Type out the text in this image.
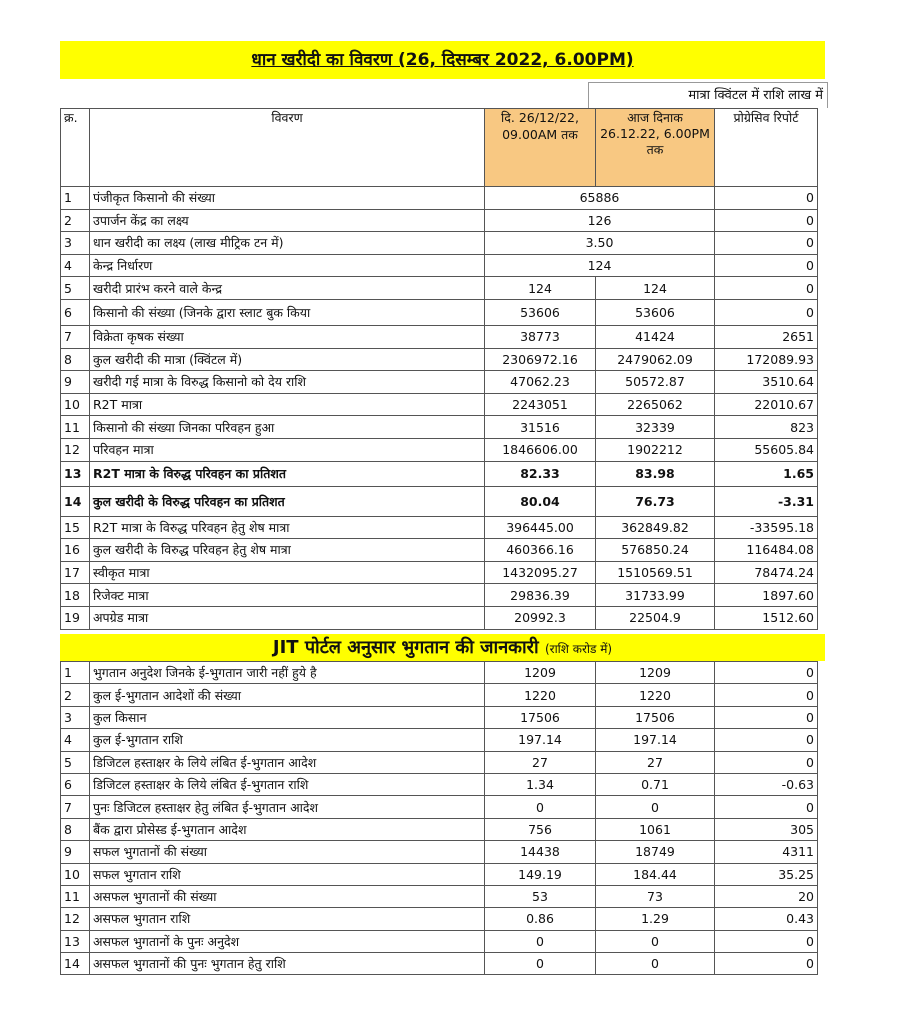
धान खरीदी का विवरण (26, दिसम्बर 2022, 6.00PM)
मात्रा क्विंटल में राशि लाख में
क्र.	विवरण	दि. 26/12/22, 09.00AM तक	आज दिनाक 26.12.22, 6.00PM तक	प्रोग्रेसिव रिपोर्ट
1	पंजीकृत किसानो की संख्या	65886		0
2	उपार्जन केंद्र का लक्ष्य	126		0
3	धान खरीदी का लक्ष्य (लाख मीट्रिक टन में)	3.50		0
4	केन्द्र निर्धारण	124		0
5	खरीदी प्रारंभ करने वाले केन्द्र	124	124	0
6	किसानो की संख्या (जिनके द्वारा स्लाट बुक किया	53606	53606	0
7	विक्रेता कृषक संख्या	38773	41424	2651
8	कुल खरीदी की मात्रा (क्विंटल में)	2306972.16	2479062.09	172089.93
9	खरीदी गई मात्रा के विरुद्ध किसानो को देय राशि	47062.23	50572.87	3510.64
10	R2T मात्रा	2243051	2265062	22010.67
11	किसानो की संख्या जिनका परिवहन हुआ	31516	32339	823
12	परिवहन मात्रा	1846606.00	1902212	55605.84
13	R2T मात्रा के विरुद्ध परिवहन का प्रतिशत	82.33	83.98	1.65
14	कुल खरीदी के विरुद्ध परिवहन का प्रतिशत	80.04	76.73	-3.31
15	R2T मात्रा के विरुद्ध परिवहन हेतु शेष मात्रा	396445.00	362849.82	-33595.18
16	कुल खरीदी के विरुद्ध परिवहन हेतु शेष मात्रा	460366.16	576850.24	116484.08
17	स्वीकृत मात्रा	1432095.27	1510569.51	78474.24
18	रिजेक्ट मात्रा	29836.39	31733.99	1897.60
19	अपग्रेड मात्रा	20992.3	22504.9	1512.60
JIT पोर्टल अनुसार भुगतान की जानकारी (राशि करोड में)
1	भुगतान अनुदेश जिनके ई-भुगतान जारी नहीं हुये है	1209	1209	0
2	कुल ई-भुगतान आदेशों की संख्या	1220	1220	0
3	कुल किसान	17506	17506	0
4	कुल ई-भुगतान राशि	197.14	197.14	0
5	डिजिटल हस्ताक्षर के लिये लंबित ई-भुगतान आदेश	27	27	0
6	डिजिटल हस्ताक्षर के लिये लंबित ई-भुगतान राशि	1.34	0.71	-0.63
7	पुनः डिजिटल हस्ताक्षर हेतु लंबित ई-भुगतान आदेश	0	0	0
8	बैंक द्वारा प्रोसेस्ड ई-भुगतान आदेश	756	1061	305
9	सफल भुगतानों की संख्या	14438	18749	4311
10	सफल भुगतान राशि	149.19	184.44	35.25
11	असफल भुगतानों की संख्या	53	73	20
12	असफल भुगतान राशि	0.86	1.29	0.43
13	असफल भुगतानों के पुनः अनुदेश	0	0	0
14	असफल भुगतानों की पुनः भुगतान हेतु राशि	0	0	0
